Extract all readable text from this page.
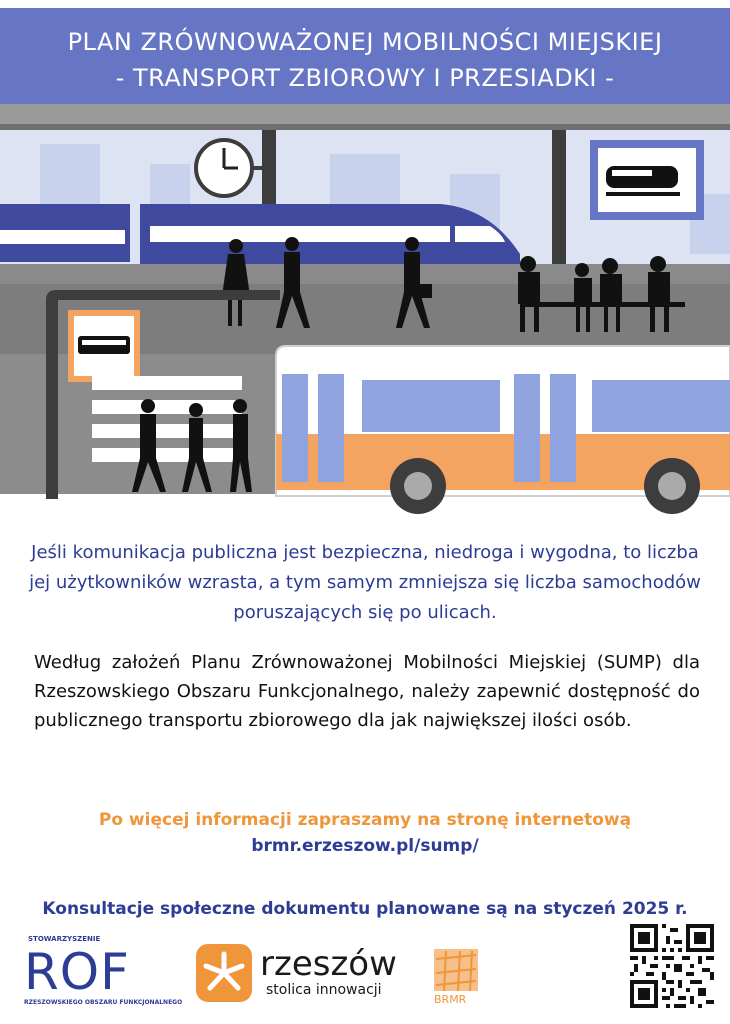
PLAN ZRÓWNOWAŻONEJ MOBILNOŚCI MIEJSKIEJ
- TRANSPORT ZBIOROWY I PRZESIADKI -
Jeśli komunikacja publiczna jest bezpieczna, niedroga i wygodna, to liczba jej użytkowników wzrasta, a tym samym zmniejsza się liczba samochodów poruszających się po ulicach.
Według założeń Planu Zrównoważonej Mobilności Miejskiej (SUMP) dla Rzeszowskiego Obszaru Funkcjonalnego, należy zapewnić dostępność do publicznego transportu zbiorowego dla jak największej ilości osób.
Po więcej informacji zapraszamy na stronę internetową
brmr.erzeszow.pl/sump/
Konsultacje społeczne dokumentu planowane są na styczeń 2025 r.
STOWARZYSZENIE
ROF
RZESZOWSKIEGO OBSZARU FUNKCJONALNEGO
rzeszów
stolica innowacji
BRMR
